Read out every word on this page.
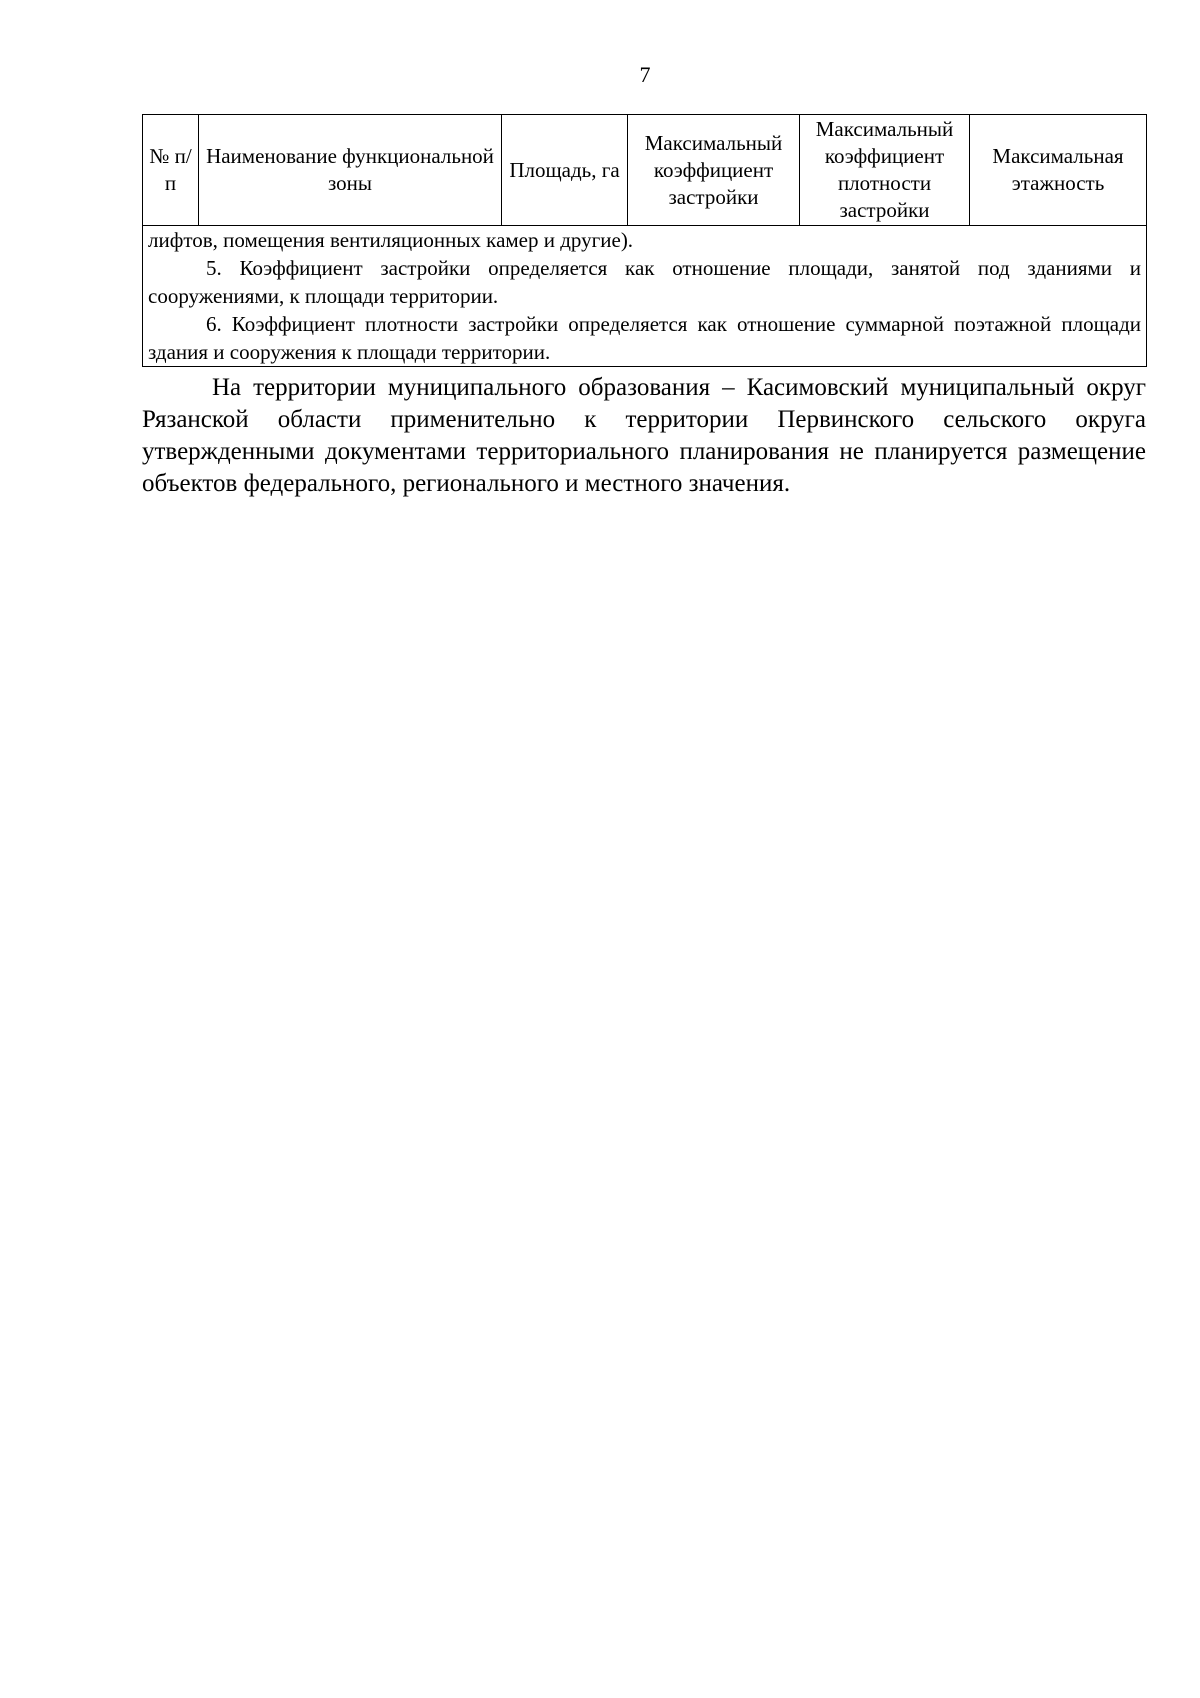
7
№ п/п	Наименование функциональной зоны	Площадь, га	Максимальный коэффициент застройки	Максимальный коэффициент плотности застройки	Максимальная этажность

лифтов, помещения вентиляционных камер и другие).
5. Коэффициент застройки определяется как отношение площади, занятой под зданиями и сооружениями, к площади территории.
6. Коэффициент плотности застройки определяется как отношение суммарной поэтажной площади здания и сооружения к площади территории.

На территории муниципального образования – Касимовский муниципальный округ Рязанской области применительно к территории Первинского сельского округа утвержденными документами территориального планирования не планируется размещение объектов федерального, регионального и местного значения.
